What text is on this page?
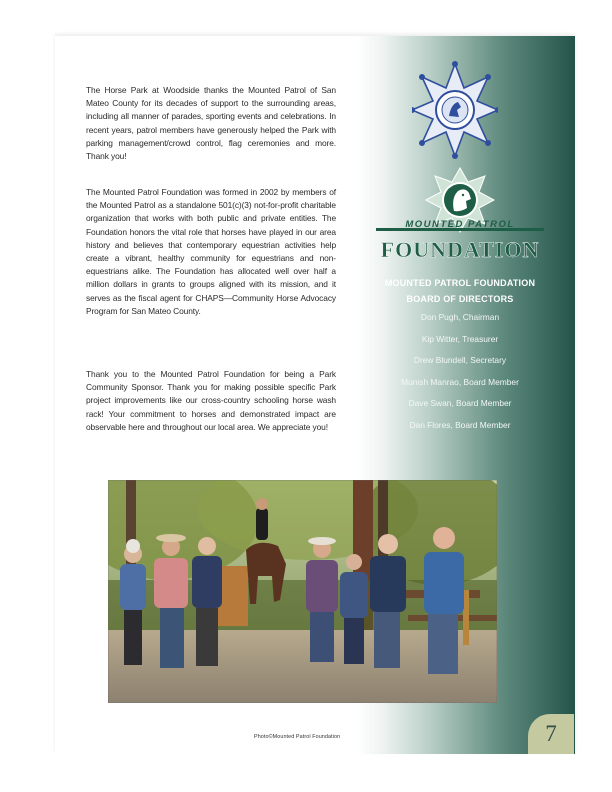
The Horse Park at Woodside thanks the Mounted Patrol of San Mateo County for its decades of support to the surrounding areas, including all manner of parades, sporting events and celebrations. In recent years, patrol members have generously helped the Park with parking management/crowd control, flag ceremonies and more. Thank you!

The Mounted Patrol Foundation was formed in 2002 by members of the Mounted Patrol as a standalone 501(c)(3) not-for-profit charitable organization that works with both public and private entities. The Foundation honors the vital role that horses have played in our area history and believes that contemporary equestrian activities help create a vibrant, healthy community for equestrians and non-equestrians alike. The Foundation has allocated well over half a million dollars in grants to groups aligned with its mission, and it serves as the fiscal agent for CHAPS—Community Horse Advocacy Program for San Mateo County.

Thank you to the Mounted Patrol Foundation for being a Park Community Sponsor. Thank you for making possible specific Park project improvements like our cross-country schooling horse wash rack! Your commitment to horses and demonstrated impact are observable here and throughout our local area. We appreciate you!

MOUNTED PATROL
FOUNDATION
MOUNTED PATROL FOUNDATION BOARD OF DIRECTORS
Don Pugh, Chairman
Kip Witter, Treasurer
Drew Blundell, Secretary
Munish Manrao, Board Member
Dave Swan, Board Member
Dan Flores, Board Member
Photo©Mounted Patrol Foundation	7
